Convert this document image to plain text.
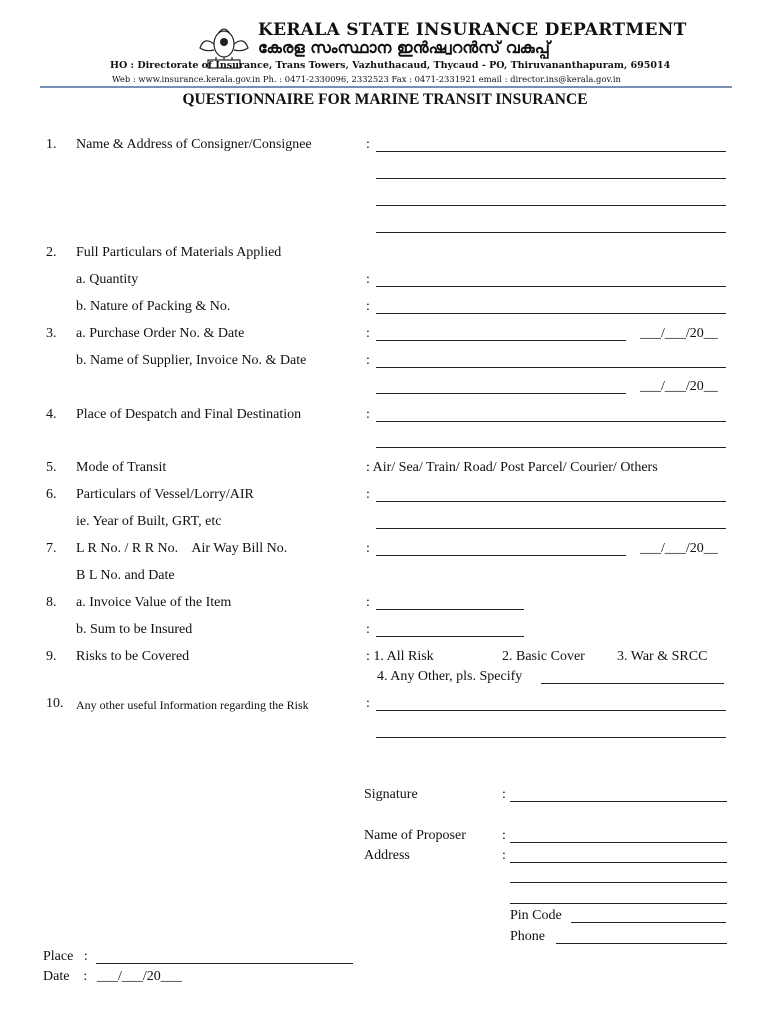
KERALA STATE INSURANCE DEPARTMENT
കേരള സംസ്ഥാന ഇൻഷ്വറൻസ് വകുപ്പ്
HO : Directorate of Insurance, Trans Towers, Vazhuthacaud, Thycaud - PO, Thiruvananthapuram, 695014
Web : www.insurance.kerala.gov.in Ph. : 0471-2330096, 2332523 Fax : 0471-2331921 email : director.ins@kerala.gov.in
QUESTIONNAIRE FOR MARINE TRANSIT INSURANCE
1. Name & Address of Consigner/Consignee	:
2. Full Particulars of Materials Applied
a. Quantity	:
b. Nature of Packing & No.	:
3. a. Purchase Order No. & Date	:	___/___/20__
b. Name of Supplier, Invoice No. & Date	:
___/___/20__
4. Place of Despatch and Final Destination	:
5. Mode of Transit	: Air/ Sea/ Train/ Road/ Post Parcel/ Courier/ Others
6. Particulars of Vessel/Lorry/AIR	:
ie. Year of Built, GRT, etc
7. L R No. / R R No.    Air Way Bill No.	:	___/___/20__
B L No. and Date
8. a. Invoice Value of the Item	:
b. Sum to be Insured	:
9. Risks to be Covered	: 1. All Risk	2. Basic Cover 3. War & SRCC
4. Any Other, pls. Specify
10. Any other useful Information regarding the Risk	:
Signature	:
Name of Proposer	:
Address	:
Pin Code
Phone
Place   :
Date    : ___/___/20___
